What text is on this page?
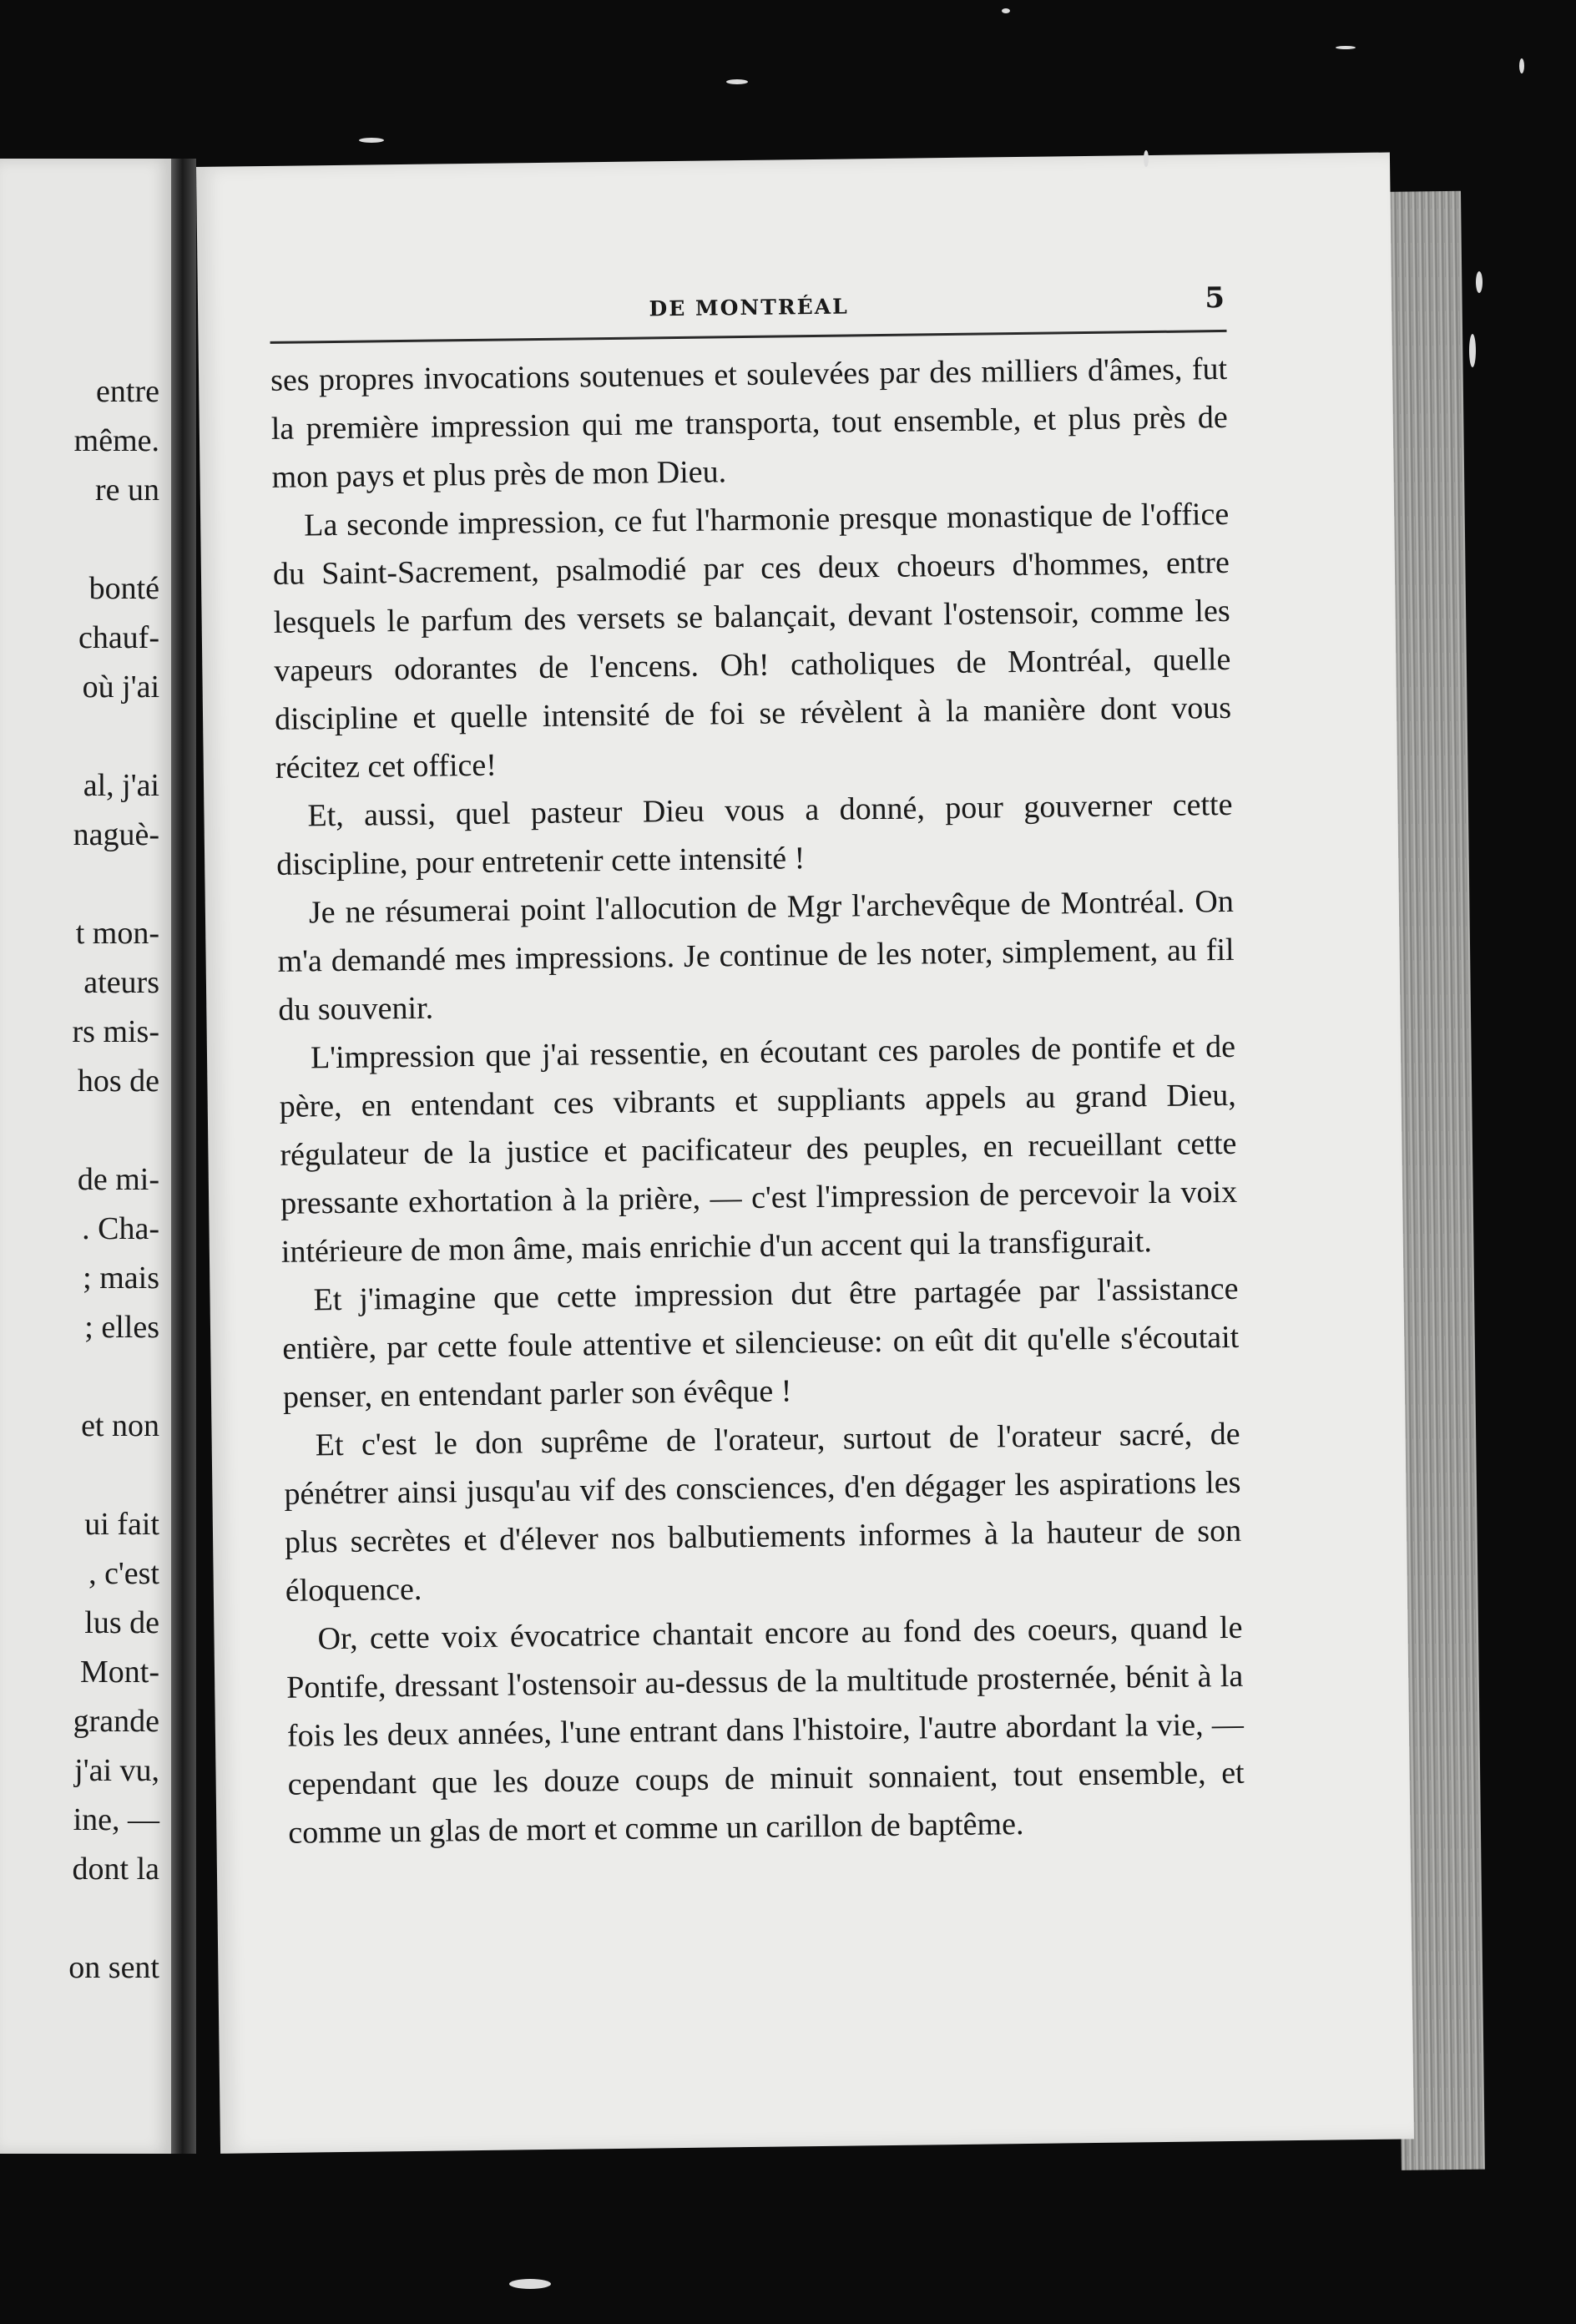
entre
même.
re un
bonté
chauf-
où j'ai
al, j'ai
naguè-
t mon-
ateurs
rs mis-
hos de
de mi-
. Cha-
; mais
; elles
et non
ui fait
, c'est
lus de
Mont-
grande
j'ai vu,
ine, —
dont la
on sent
DE MONTRÉAL	5

ses propres invocations soutenues et soulevées par des milliers d'âmes, fut la première impression qui me transporta, tout ensemble, et plus près de mon pays et plus près de mon Dieu.

La seconde impression, ce fut l'harmonie presque monastique de l'office du Saint-Sacrement, psalmodié par ces deux choeurs d'hommes, entre lesquels le parfum des versets se balançait, devant l'ostensoir, comme les vapeurs odorantes de l'encens. Oh! catholiques de Montréal, quelle discipline et quelle intensité de foi se révèlent à la manière dont vous récitez cet office!

Et, aussi, quel pasteur Dieu vous a donné, pour gouverner cette discipline, pour entretenir cette intensité !

Je ne résumerai point l'allocution de Mgr l'archevêque de Montréal. On m'a demandé mes impressions. Je continue de les noter, simplement, au fil du souvenir.

L'impression que j'ai ressentie, en écoutant ces paroles de pontife et de père, en entendant ces vibrants et suppliants appels au grand Dieu, régulateur de la justice et pacificateur des peuples, en recueillant cette pressante exhortation à la prière, — c'est l'impression de percevoir la voix intérieure de mon âme, mais enrichie d'un accent qui la transfigurait.

Et j'imagine que cette impression dut être partagée par l'assistance entière, par cette foule attentive et silencieuse: on eût dit qu'elle s'écoutait penser, en entendant parler son évêque !

Et c'est le don suprême de l'orateur, surtout de l'orateur sacré, de pénétrer ainsi jusqu'au vif des consciences, d'en dégager les aspirations les plus secrètes et d'élever nos balbutiements informes à la hauteur de son éloquence.

Or, cette voix évocatrice chantait encore au fond des coeurs, quand le Pontife, dressant l'ostensoir au-dessus de la multitude prosternée, bénit à la fois les deux années, l'une entrant dans l'histoire, l'autre abordant la vie, — cependant que les douze coups de minuit sonnaient, tout ensemble, et comme un glas de mort et comme un carillon de baptême.
